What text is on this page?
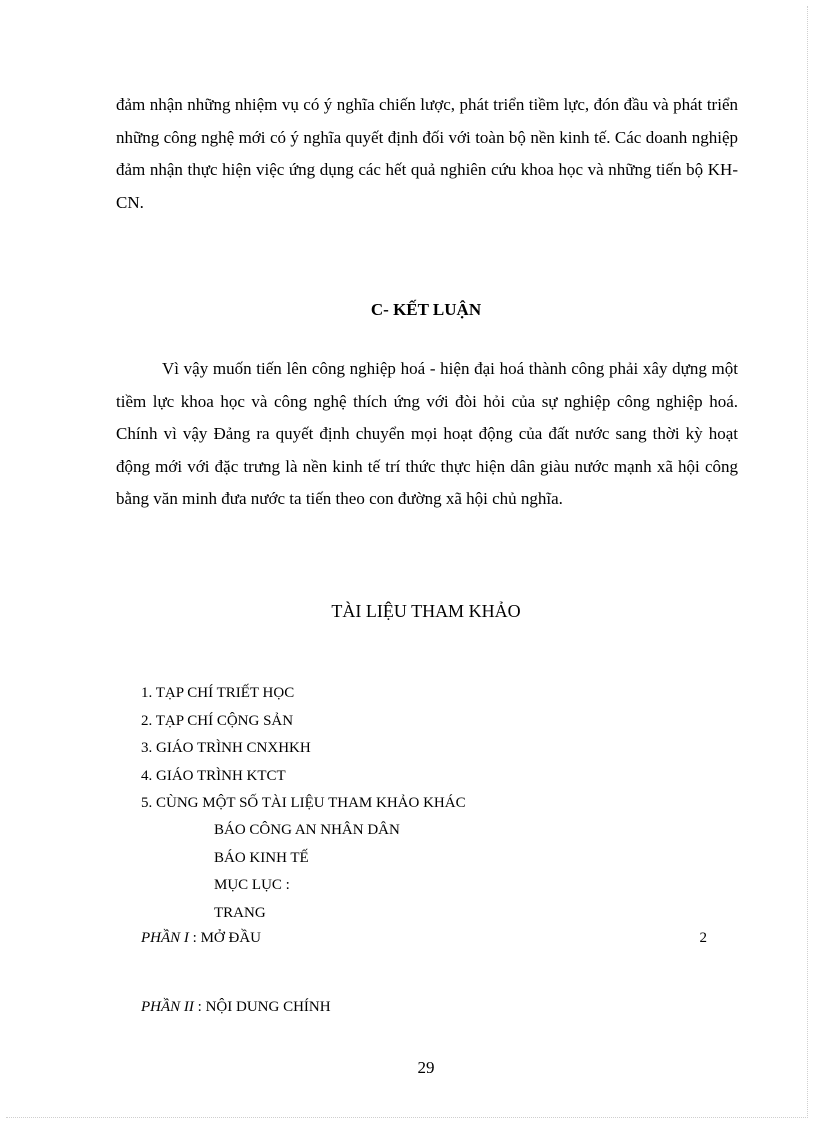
đảm nhận những nhiệm vụ có ý nghĩa chiến lược, phát triển tiềm lực, đón đầu và phát triển những công nghệ mới có ý nghĩa quyết định đối với toàn bộ nền kinh tế. Các doanh nghiệp đảm nhận thực hiện việc ứng dụng các hết quả nghiên cứu khoa học và những tiến bộ KH- CN.

C- KẾT LUẬN

Vì vậy muốn tiến lên công nghiệp hoá - hiện đại hoá thành công phải xây dựng một tiềm lực khoa học và công nghệ thích ứng với đòi hỏi của sự nghiệp công nghiệp hoá. Chính vì vậy Đảng ra quyết định chuyển mọi hoạt động của đất nước sang thời kỳ hoạt động mới với đặc trưng là nền kinh tế trí thức thực hiện dân giàu nước mạnh xã hội công bằng văn minh đưa nước ta tiến theo con đường xã hội chủ nghĩa.

TÀI LIỆU THAM KHẢO
1. TẠP CHÍ TRIẾT HỌC
2. TẠP CHÍ CỘNG SẢN
3. GIÁO TRÌNH CNXHKH
4. GIÁO TRÌNH KTCT
5. CÙNG MỘT SỐ TÀI LIỆU THAM KHẢO KHÁC
BÁO CÔNG AN NHÂN DÂN
BÁO KINH TẾ
MỤC LỤC :
TRANG
PHẦN I : MỞ ĐẦU	2
PHẦN II : NỘI DUNG CHÍNH
29
